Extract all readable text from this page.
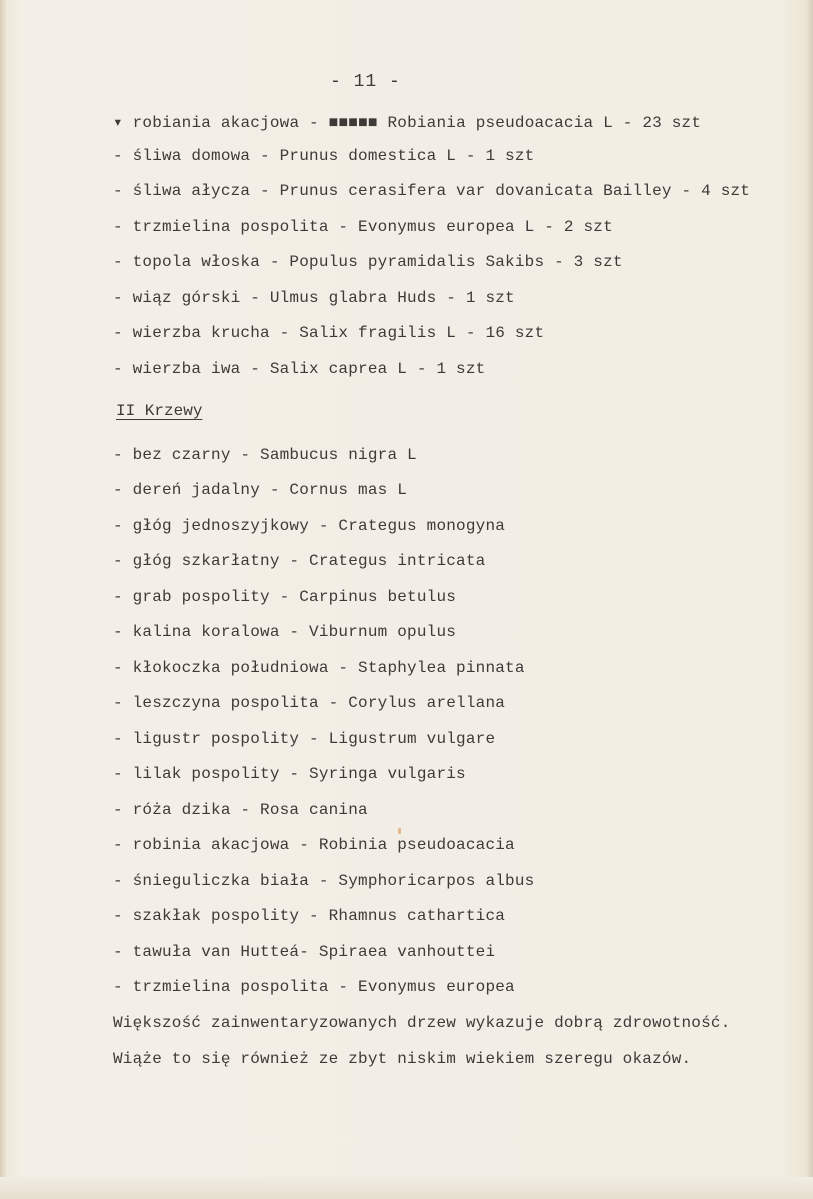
- 11 -
▾ robiania akacjowa - ■■■■■ Robiania pseudoacacia L - 23 szt
- śliwa domowa - Prunus domestica L - 1 szt
- śliwa ałycza - Prunus cerasifera var dovanicata Bailley - 4 szt
- trzmielina pospolita - Evonymus europea L - 2 szt
- topola włoska - Populus pyramidalis Sakibs - 3 szt
- wiąz górski - Ulmus glabra Huds - 1 szt
- wierzba krucha - Salix fragilis L - 16 szt
- wierzba iwa - Salix caprea L - 1 szt
II Krzewy
- bez czarny - Sambucus nigra L
- dereń jadalny - Cornus mas L
- głóg jednoszyjkowy - Crategus monogyna
- głóg szkarłatny - Crategus intricata
- grab pospolity - Carpinus betulus
- kalina koralowa - Viburnum opulus
- kłokoczka południowa - Staphylea pinnata
- leszczyna pospolita - Corylus arellana
- ligustr pospolity - Ligustrum vulgare
- lilak pospolity - Syringa vulgaris
- róża dzika - Rosa canina
- robinia akacjowa - Robinia pseudoacacia
- śnieguliczka biała - Symphoricarpos albus
- szakłak pospolity - Rhamnus cathartica
- tawuła van Hutteá- Spiraea vanhouttei
- trzmielina pospolita - Evonymus europea
Większość zainwentaryzowanych drzew wykazuje dobrą zdrowotność.
Wiąże to się również ze zbyt niskim wiekiem szeregu okazów.
